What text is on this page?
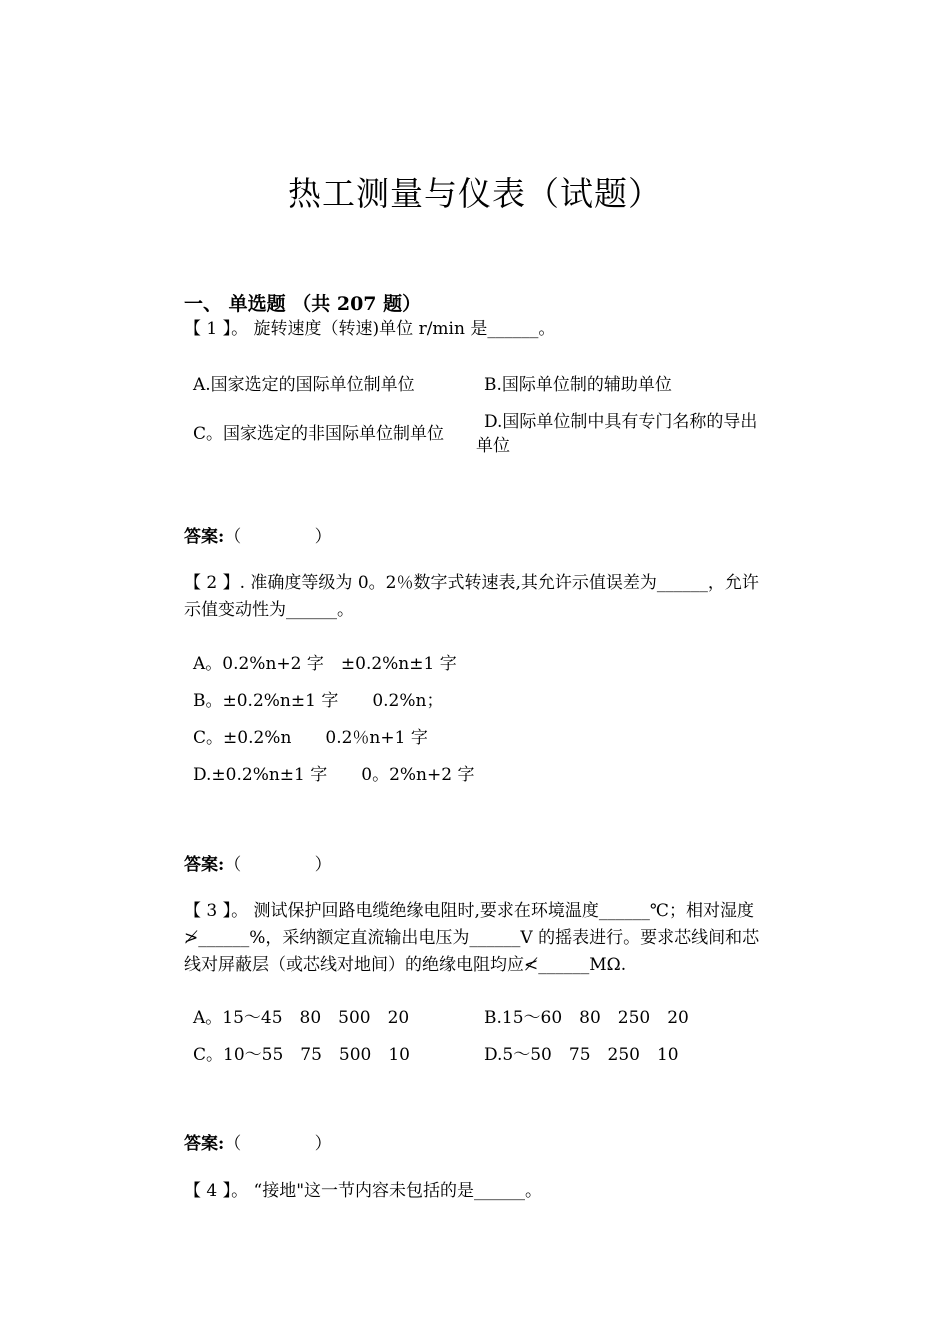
热工测量与仪表（试题）
一、 单选题 （共 207 题）
【 1 】。 旋转速度（转速)单位 r/min 是______。
A.国家选定的国际单位制单位	B.国际单位制的辅助单位
C。国家选定的非国际单位制单位
D.国际单位制中具有专门名称的导出单位
答案:（　　　　 ）
【 2 】. 准确度等级为 0。2％数字式转速表,其允许示值误差为______，允许示值变动性为______。
A。0.2%n+2 字　±0.2%n±1 字
B。±0.2%n±1 字　　0.2%n；
C。±0.2%n　　0.2％n+1 字
D.±0.2%n±1 字　　0。2%n+2 字
答案:（　　　　 ）
【 3 】。 测试保护回路电缆绝缘电阻时,要求在环境温度______℃；相对湿度≯______%，采纳额定直流输出电压为______V 的摇表进行。要求芯线间和芯线对屏蔽层（或芯线对地间）的绝缘电阻均应≮______MΩ.
A。15～45　80　500　20	B.15～60　80　250　20
C。10～55　75　500　10	D.5～50　75　250　10
答案:（　　　　 ）
【 4 】。 “接地"这一节内容未包括的是______。
